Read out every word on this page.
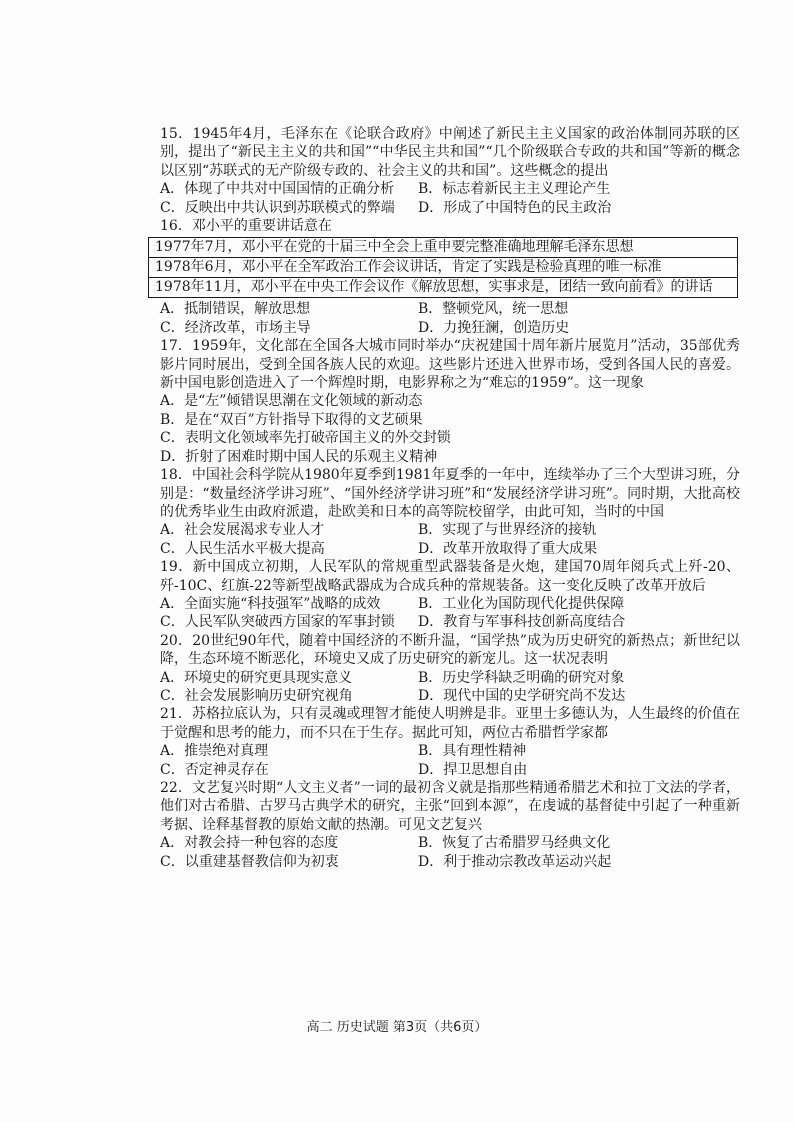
15．1945年4月，毛泽东在《论联合政府》中阐述了新民主主义国家的政治体制同苏联的区别，提出了“新民主主义的共和国”“中华民主共和国”“几个阶级联合专政的共和国”等新的概念以区别“苏联式的无产阶级专政的、社会主义的共和国”。这些概念的提出

A．体现了中共对中国国情的正确分析	B．标志着新民主主义理论产生
C．反映出中共认识到苏联模式的弊端	D．形成了中国特色的民主政治

16．邓小平的重要讲话意在

1977年7月，邓小平在党的十届三中全会上重申要完整准确地理解毛泽东思想
1978年6月，邓小平在全军政治工作会议讲话，肯定了实践是检验真理的唯一标准
1978年11月，邓小平在中央工作会议作《解放思想，实事求是，团结一致向前看》的讲话
A．抵制错误，解放思想	B．整顿党风，统一思想
C．经济改革，市场主导	D．力挽狂澜，创造历史

17．1959年，文化部在全国各大城市同时举办“庆祝建国十周年新片展览月”活动，35部优秀影片同时展出，受到全国各族人民的欢迎。这些影片还进入世界市场，受到各国人民的喜爱。新中国电影创造进入了一个辉煌时期，电影界称之为“难忘的1959”。这一现象

A．是“左”倾错误思潮在文化领域的新动态
B．是在“双百”方针指导下取得的文艺硕果
C．表明文化领域率先打破帝国主义的外交封锁
D．折射了困难时期中国人民的乐观主义精神

18．中国社会科学院从1980年夏季到1981年夏季的一年中，连续举办了三个大型讲习班，分别是：“数量经济学讲习班”、“国外经济学讲习班”和“发展经济学讲习班”。同时期，大批高校的优秀毕业生由政府派遣，赴欧美和日本的高等院校留学，由此可知，当时的中国

A．社会发展渴求专业人才	B．实现了与世界经济的接轨
C．人民生活水平极大提高	D．改革开放取得了重大成果

19．新中国成立初期，人民军队的常规重型武器装备是火炮，建国70周年阅兵式上歼-20、歼-10C、红旗-22等新型战略武器成为合成兵种的常规装备。这一变化反映了改革开放后

A．全面实施“科技强军”战略的成效	B．工业化为国防现代化提供保障
C．人民军队突破西方国家的军事封锁	D．教育与军事科技创新高度结合

20．20世纪90年代，随着中国经济的不断升温，“国学热”成为历史研究的新热点；新世纪以降，生态环境不断恶化，环境史又成了历史研究的新宠儿。这一状况表明

A．环境史的研究更具现实意义	B．历史学科缺乏明确的研究对象
C．社会发展影响历史研究视角	D．现代中国的史学研究尚不发达

21．苏格拉底认为，只有灵魂或理智才能使人明辨是非。亚里士多德认为，人生最终的价值在于觉醒和思考的能力，而不只在于生存。据此可知，两位古希腊哲学家都

A．推崇绝对真理	B．具有理性精神
C．否定神灵存在	D．捍卫思想自由

22．文艺复兴时期“人文主义者”一词的最初含义就是指那些精通希腊艺术和拉丁文法的学者，他们对古希腊、古罗马古典学术的研究，主张“回到本源”，在虔诚的基督徒中引起了一种重新考据、诠释基督教的原始文献的热潮。可见文艺复兴

A．对教会持一种包容的态度	B．恢复了古希腊罗马经典文化
C．以重建基督教信仰为初衷	D．利于推动宗教改革运动兴起
高二 历史试题 第3页（共6页）
